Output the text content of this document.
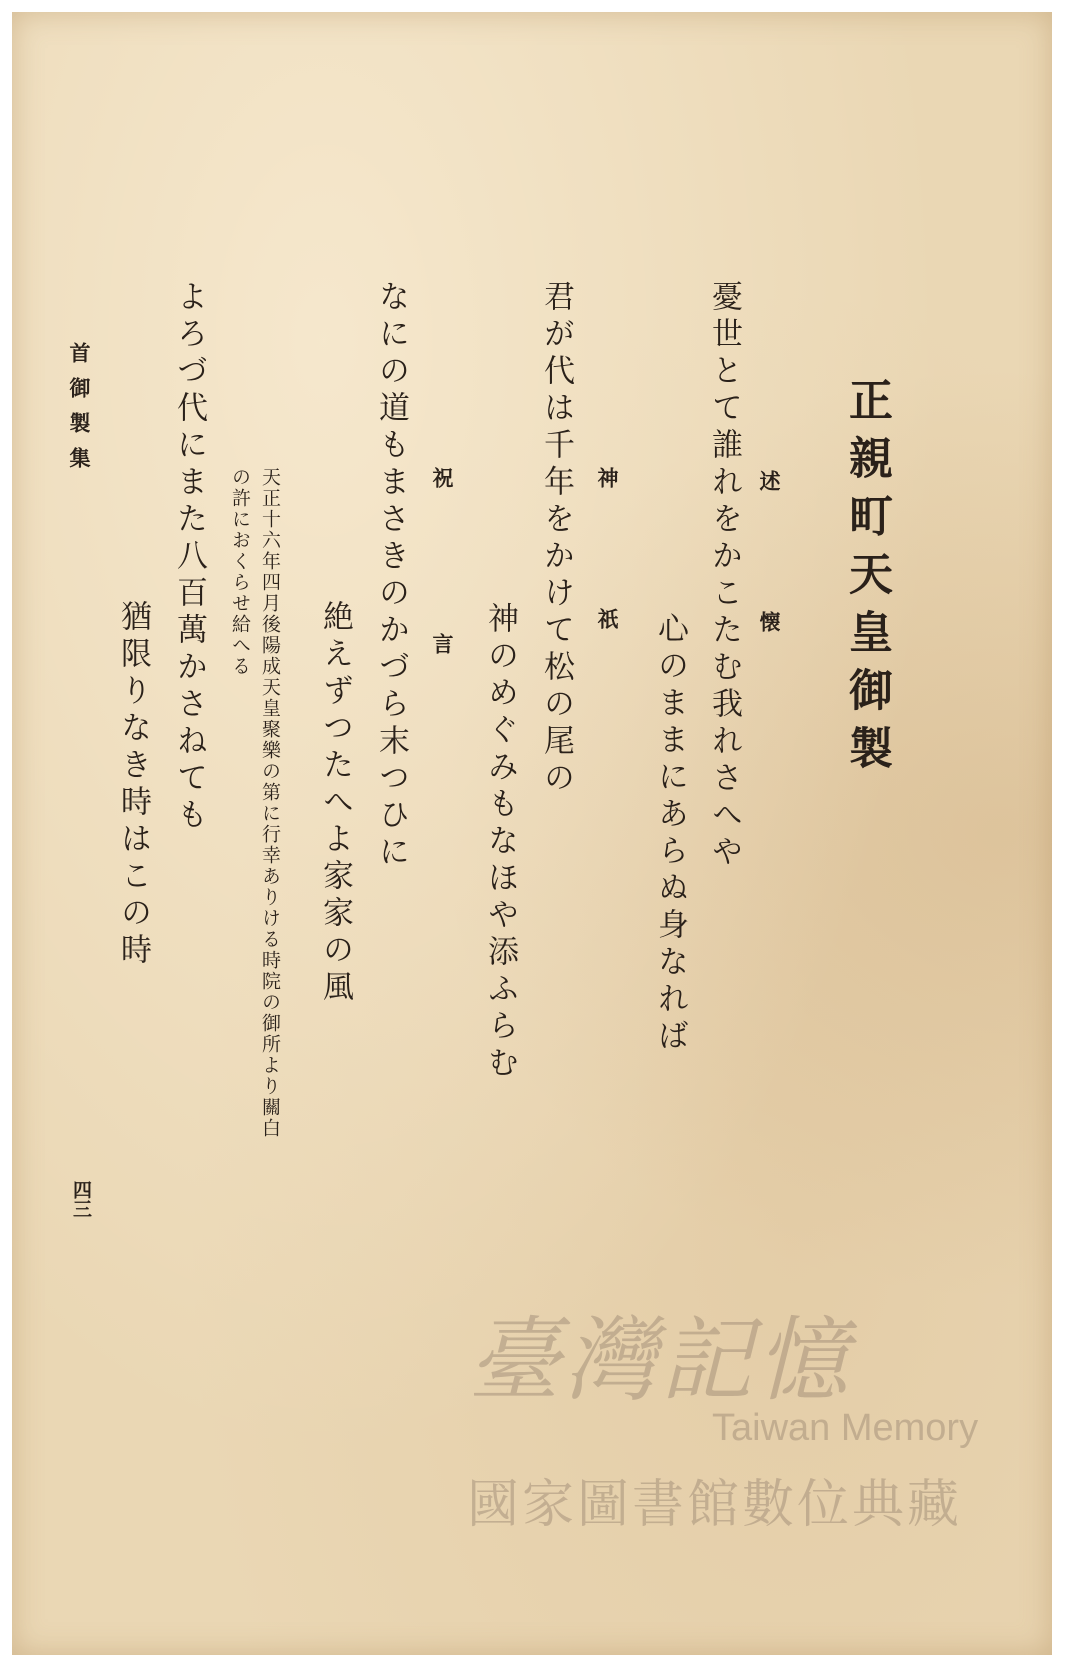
正親町天皇御製
述懐
憂世とて誰れをかこたむ我れさへや
心のままにあらぬ身なれば
神祇
君が代は千年をかけて松の尾の
神のめぐみもなほや添ふらむ
祝言
なにの道もまさきのかづら末つひに
絶えずつたへよ家家の風
天正十六年四月後陽成天皇聚樂の第に行幸ありける時院の御所より關白
の許におくらせ給へる
よろづ代にまた八百萬かさねても
猶限りなき時はこの時
首御製集
四三
臺灣記憶
Taiwan Memory
國家圖書館數位典藏
